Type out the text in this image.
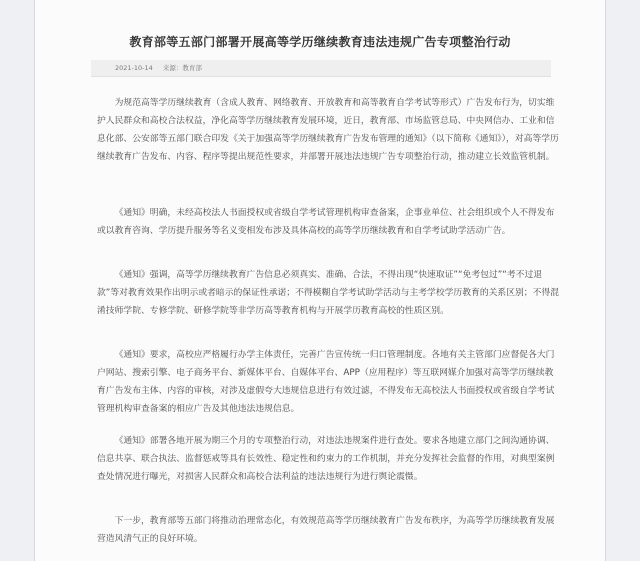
教育部等五部门部署开展高等学历继续教育违法违规广告专项整治行动
2021-10-14 来源：教育部

为规范高等学历继续教育（含成人教育、网络教育、开放教育和高等教育自学考试等形式）广告发布行为，切实维护人民群众和高校合法权益，净化高等学历继续教育发展环境，近日，教育部、市场监管总局、中央网信办、工业和信息化部、公安部等五部门联合印发《关于加强高等学历继续教育广告发布管理的通知》（以下简称《通知》），对高等学历继续教育广告发布、内容、程序等提出规范性要求，并部署开展违法违规广告专项整治行动，推动建立长效监管机制。

《通知》明确，未经高校法人书面授权或省级自学考试管理机构审查备案，企事业单位、社会组织或个人不得发布或以教育咨询、学历提升服务等名义变相发布涉及具体高校的高等学历继续教育和自学考试助学活动广告。

《通知》强调，高等学历继续教育广告信息必须真实、准确、合法，不得出现“快速取证”“免考包过”“考不过退款”等对教育效果作出明示或者暗示的保证性承诺；不得模糊自学考试助学活动与主考学校学历教育的关系区别；不得混淆技师学院、专修学院、研修学院等非学历高等教育机构与开展学历教育高校的性质区别。

《通知》要求，高校应严格履行办学主体责任，完善广告宣传统一归口管理制度。各地有关主管部门应督促各大门户网站、搜索引擎、电子商务平台、新媒体平台、自媒体平台、APP（应用程序）等互联网媒介加强对高等学历继续教育广告发布主体、内容的审核，对涉及虚假夸大违规信息进行有效过滤，不得发布无高校法人书面授权或省级自学考试管理机构审查备案的相应广告及其他违法违规信息。

《通知》部署各地开展为期三个月的专项整治行动，对违法违规案件进行查处。要求各地建立部门之间沟通协调、信息共享、联合执法、监督惩戒等具有长效性、稳定性和约束力的工作机制，并充分发挥社会监督的作用，对典型案例查处情况进行曝光，对损害人民群众和高校合法利益的违法违规行为进行舆论震慑。

下一步，教育部等五部门将推动治理常态化，有效规范高等学历继续教育广告发布秩序，为高等学历继续教育发展营造风清气正的良好环境。
